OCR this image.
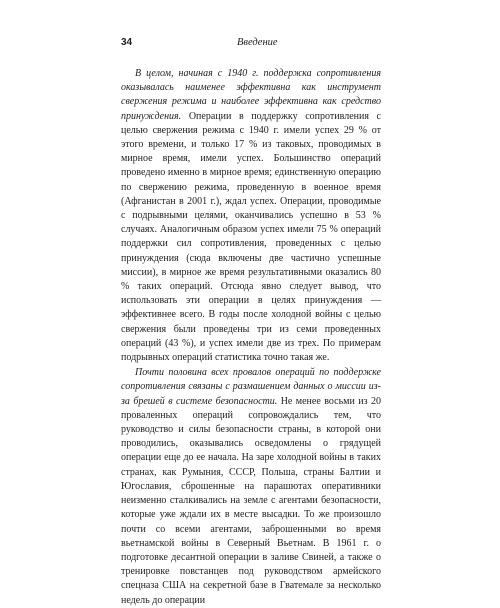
34	Введение

В целом, начиная с 1940 г. поддержка сопротивления оказывалась наименее эффективна как инструмент свержения режима и наиболее эффективна как средство принуждения. Операции в поддержку сопротивления с целью свержения режима с 1940 г. имели успех 29 % от этого времени, и только 17 % из таковых, проводимых в мирное время, имели успех. Большинство операций проведено именно в мирное время; единственную операцию по свержению режима, проведенную в военное время (Афганистан в 2001 г.), ждал успех. Операции, проводимые с подрывными целями, оканчивались успешно в 53 % случаях. Аналогичным образом успех имели 75 % операций поддержки сил сопротивления, проведенных с целью принуждения (сюда включены две частично успешные миссии), в мирное же время результативными оказались 80 % таких операций. Отсюда явно следует вывод, что использовать эти операции в целях принуждения — эффективнее всего. В годы после холодной войны с целью свержения были проведены три из семи проведенных операций (43 %), и успех имели две из трех. По примерам подрывных операций статистика точно такая же.

Почти половина всех провалов операций по поддержке сопротивления связаны с размашением данных о миссии из-за брешей в системе безопасности. Не менее восьми из 20 проваленных операций сопровождались тем, что руководство и силы безопасности страны, в которой они проводились, оказывались осведомлены о грядущей операции еще до ее начала. На заре холодной войны в таких странах, как Румыния, СССР, Польша, страны Балтии и Югославия, сброшенные на парашютах оперативники неизменно сталкивались на земле с агентами безопасности, которые уже ждали их в месте высадки. То же произошло почти со всеми агентами, заброшенными во время вьетнамской войны в Северный Вьетнам. В 1961 г. о подготовке десантной операции в заливе Свиней, а также о тренировке повстанцев под руководством армейского спецназа США на секретной базе в Гватемале за несколько недель до операции
